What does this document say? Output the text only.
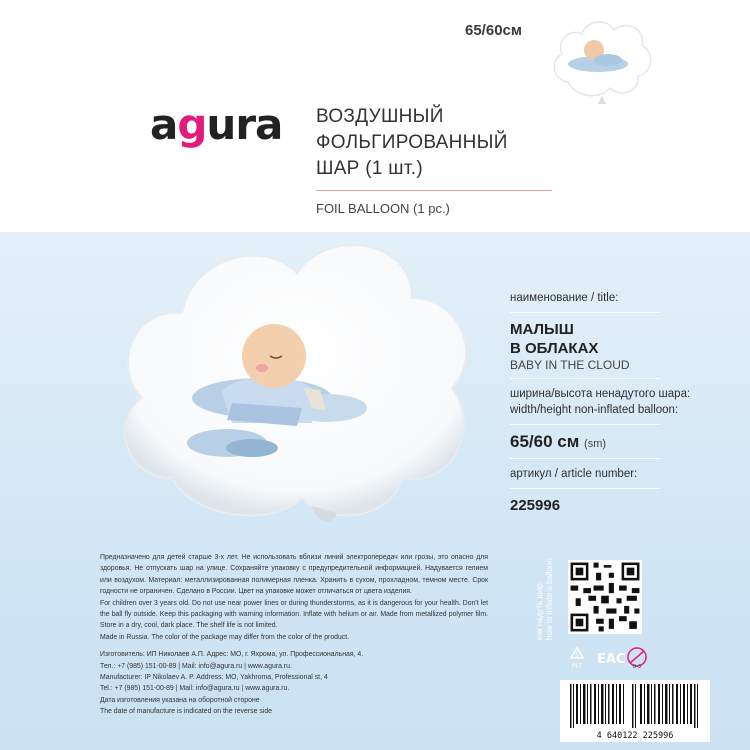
65/60см
agura ВОЗДУШНЫЙ
ФОЛЬГИРОВАННЫЙ
ШАР (1 шт.)
FOIL BALLOON (1 pc.)
наименование / title:
МАЛЫШ
В ОБЛАКАХ
BABY IN THE CLOUD
ширина/высота ненадутого шара:
width/height non-inflated balloon:
65/60 см (sm)
артикул / article number:
225996

Предназначено для детей старше 3-х лет. Не использовать вблизи линий электропередач или грозы, это опасно для здоровья. Не отпускать шар на улице. Сохраняйте упаковку с предупредительной информацией. Надувается гелием или воздухом. Материал: металлизированная полимерная пленка. Хранить в сухом, прохладном, темном месте. Срок годности не ограничен. Сделано в России. Цвет на упаковке может отличаться от цвета изделия.

For children over 3 years old. Do not use near power lines or during thunderstorms, as it is dangerous for your health. Don't let the ball fly outside. Keep this packaging with warning information. Inflate with helium or air. Made from metallized polymer film. Store in a dry, cool, dark place. The shelf life is not limited.

Made in Russia. The color of the package may differ from the color of the product.

Изготовитель: ИП Николаев А.П. Адрес: МО, г. Яхрома, ул. Профессиональная, 4.

Тел.: +7 (985) 151-00-89 | Mail: info@agura.ru | www.agura.ru.

Manufacturer: IP Nikolaev A. P. Address: MO, Yakhroma, Professional st, 4

Tel.: +7 (985) 151-00-89 | Mail: info@agura.ru | www.agura.ru.

Дата изготовления указана на оборотной стороне

The date of manufacture is indicated on the reverse side

как надуть шар how to inflate a balloon
1
PET EAC 0-3
4 640122 225996
